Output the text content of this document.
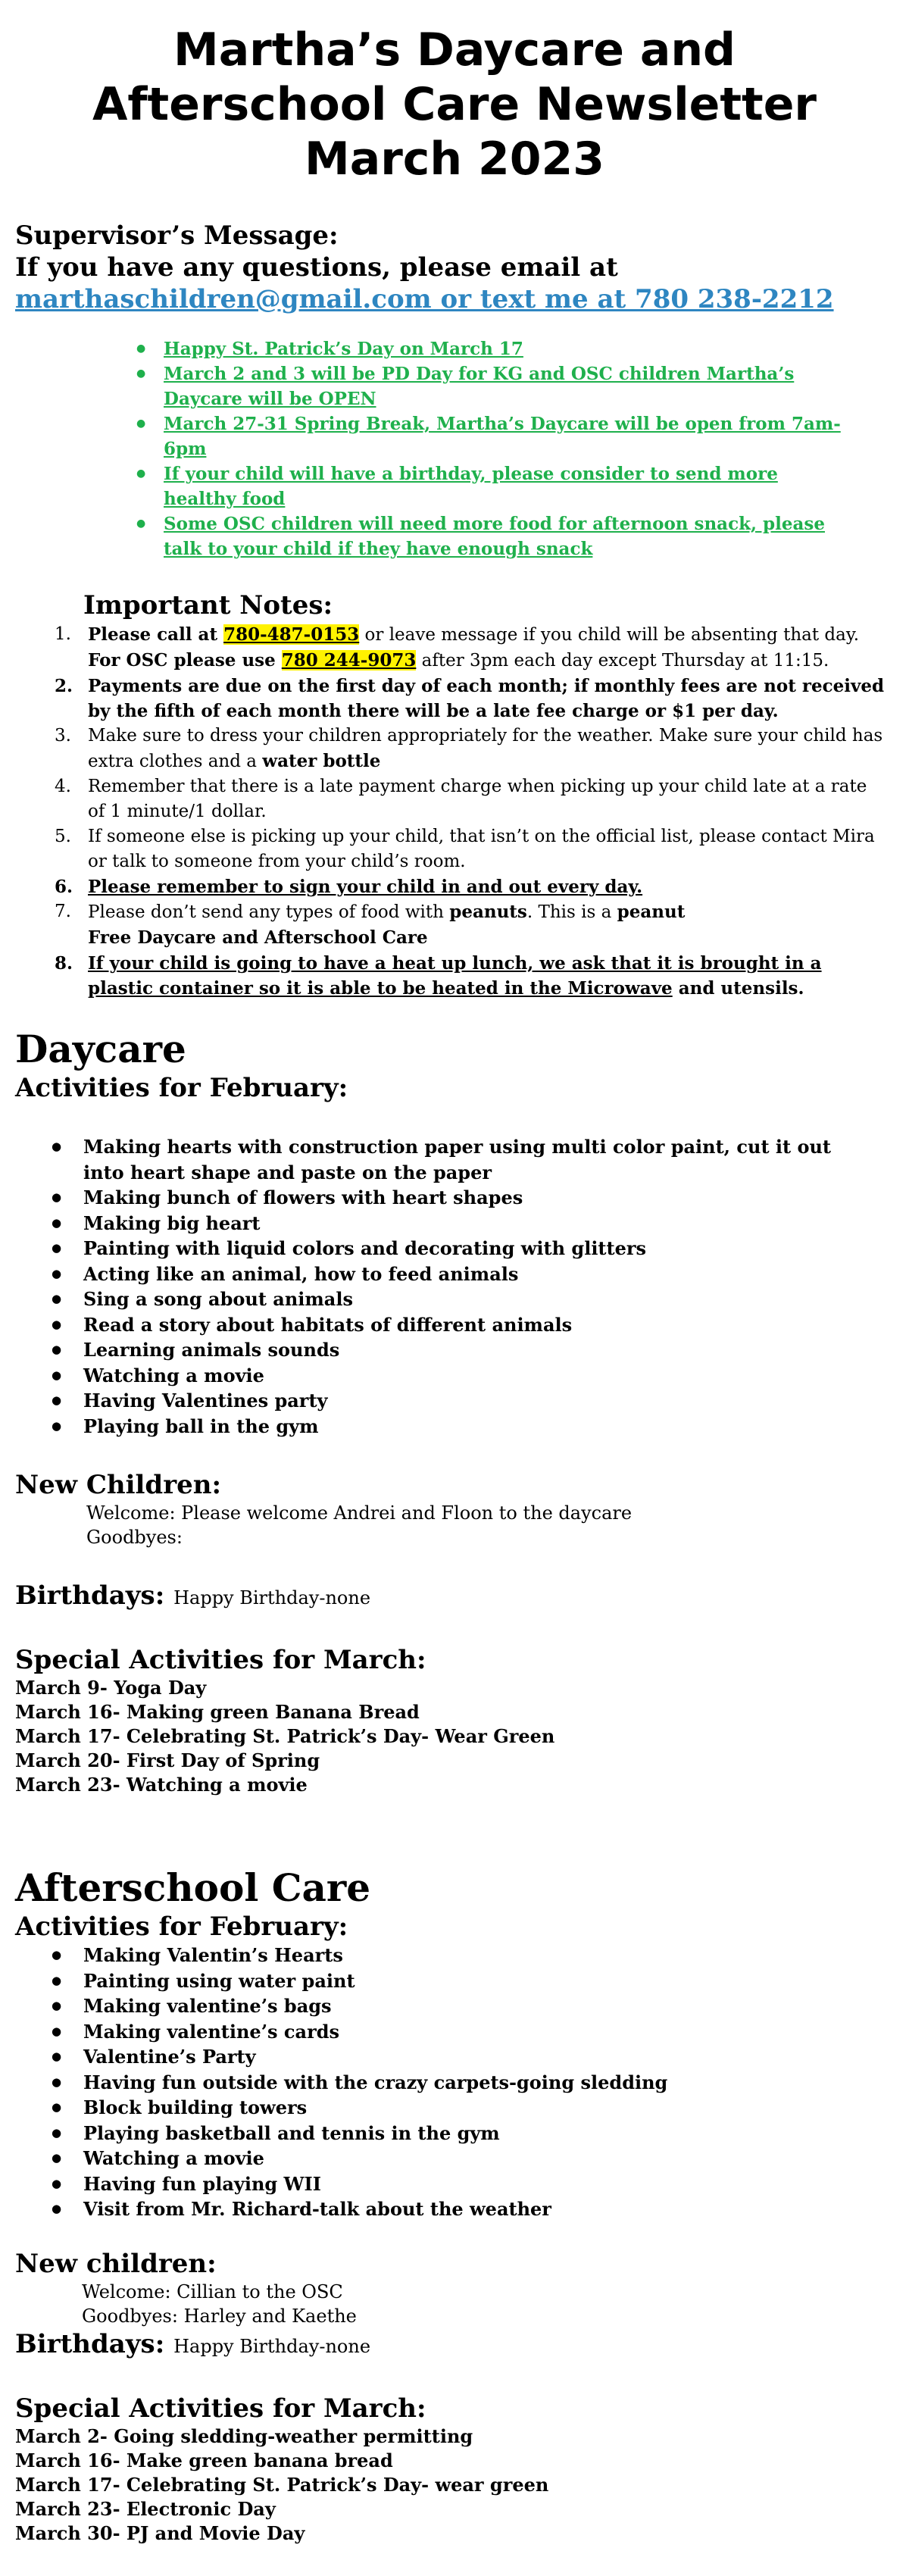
Martha’s Daycare and
Afterschool Care Newsletter
March 2023
Supervisor’s Message:
If you have any questions, please email at
marthaschildren@gmail.com or text me at 780 238-2212
● Happy St. Patrick’s Day on March 17
● March 2 and 3 will be PD Day for KG and OSC children Martha’s Daycare will be OPEN
● March 27-31 Spring Break, Martha’s Daycare will be open from 7am-6pm
● If your child will have a birthday, please consider to send more healthy food
● Some OSC children will need more food for afternoon snack, please talk to your child if they have enough snack
Important Notes:
1. Please call at 780-487-0153 or leave message if you child will be absenting that day. For OSC please use 780 244-9073 after 3pm each day except Thursday at 11:15.
2. Payments are due on the first day of each month; if monthly fees are not received by the fifth of each month there will be a late fee charge or $1 per day.
3. Make sure to dress your children appropriately for the weather. Make sure your child has extra clothes and a water bottle
4. Remember that there is a late payment charge when picking up your child late at a rate of 1 minute/1 dollar.
5. If someone else is picking up your child, that isn’t on the official list, please contact Mira or talk to someone from your child’s room.
6. Please remember to sign your child in and out every day.
7. Please don’t send any types of food with peanuts. This is a peanut
Free Daycare and Afterschool Care
8. If your child is going to have a heat up lunch, we ask that it is brought in a plastic container so it is able to be heated in the Microwave and utensils.
Daycare
Activities for February:
● Making hearts with construction paper using multi color paint, cut it out into heart shape and paste on the paper
● Making bunch of flowers with heart shapes
● Making big heart
● Painting with liquid colors and decorating with glitters
● Acting like an animal, how to feed animals
● Sing a song about animals
● Read a story about habitats of different animals
● Learning animals sounds
● Watching a movie
● Having Valentines party
● Playing ball in the gym
New Children:
Welcome: Please welcome Andrei and Floon to the daycare
Goodbyes:
Birthdays: Happy Birthday-none
Special Activities for March:
March 9- Yoga Day
March 16- Making green Banana Bread
March 17- Celebrating St. Patrick’s Day- Wear Green
March 20- First Day of Spring
March 23- Watching a movie
Afterschool Care
Activities for February:
● Making Valentin’s Hearts
● Painting using water paint
● Making valentine’s bags
● Making valentine’s cards
● Valentine’s Party
● Having fun outside with the crazy carpets-going sledding
● Block building towers
● Playing basketball and tennis in the gym
● Watching a movie
● Having fun playing WII
● Visit from Mr. Richard-talk about the weather
New children:
Welcome: Cillian to the OSC
Goodbyes: Harley and Kaethe
Birthdays: Happy Birthday-none
Special Activities for March:
March 2- Going sledding-weather permitting
March 16- Make green banana bread
March 17- Celebrating St. Patrick’s Day- wear green
March 23- Electronic Day
March 30- PJ and Movie Day
